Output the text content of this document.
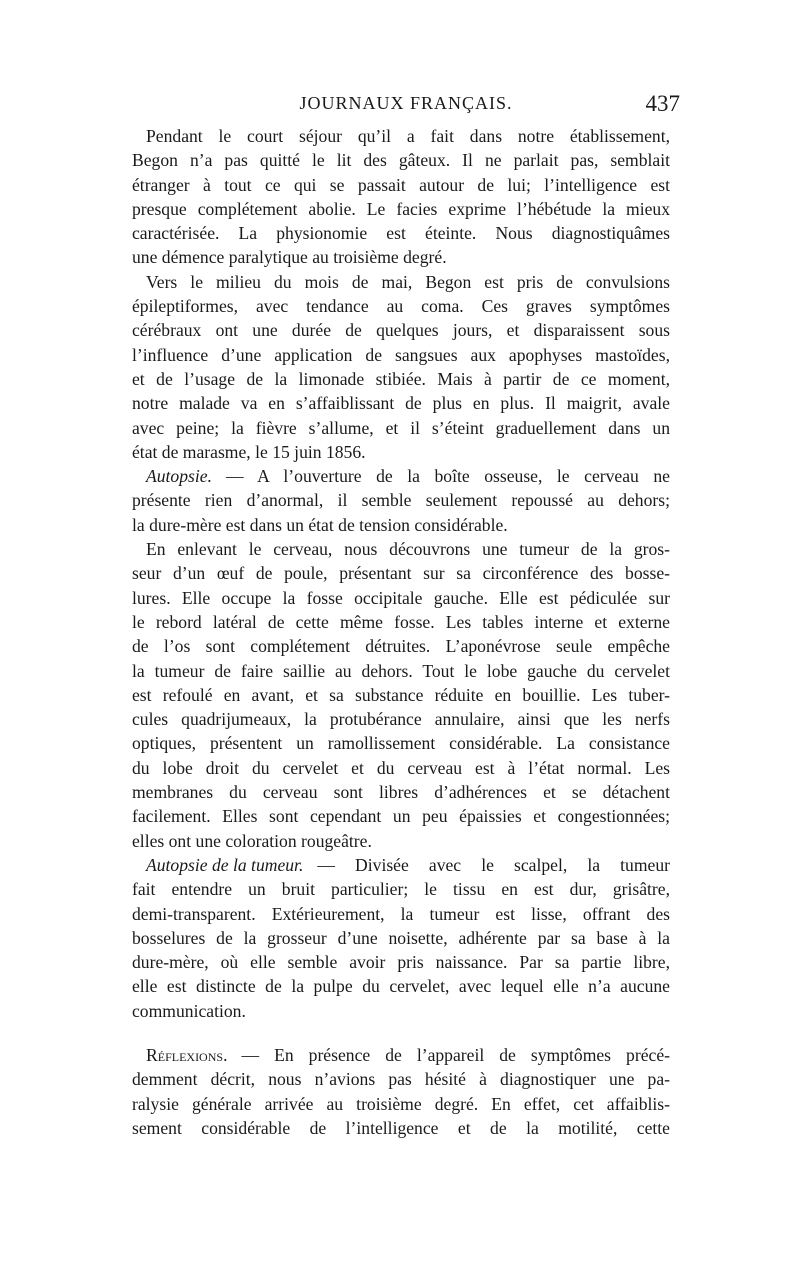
JOURNAUX FRANÇAIS.	437
Pendant le court séjour qu’il a fait dans notre établissement,
Begon n’a pas quitté le lit des gâteux. Il ne parlait pas, semblait
étranger à tout ce qui se passait autour de lui; l’intelligence est
presque complétement abolie. Le facies exprime l’hébétude la mieux
caractérisée. La physionomie est éteinte. Nous diagnostiquâmes
une démence paralytique au troisième degré.
Vers le milieu du mois de mai, Begon est pris de convulsions
épileptiformes, avec tendance au coma. Ces graves symptômes
cérébraux ont une durée de quelques jours, et disparaissent sous
l’influence d’une application de sangsues aux apophyses mastoïdes,
et de l’usage de la limonade stibiée. Mais à partir de ce moment,
notre malade va en s’affaiblissant de plus en plus. Il maigrit, avale
avec peine; la fièvre s’allume, et il s’éteint graduellement dans un
état de marasme, le 15 juin 1856.
Autopsie. — A l’ouverture de la boîte osseuse, le cerveau ne
présente rien d’anormal, il semble seulement repoussé au dehors;
la dure-mère est dans un état de tension considérable.
En enlevant le cerveau, nous découvrons une tumeur de la gros-
seur d’un œuf de poule, présentant sur sa circonférence des bosse-
lures. Elle occupe la fosse occipitale gauche. Elle est pédiculée sur
le rebord latéral de cette même fosse. Les tables interne et externe
de l’os sont complétement détruites. L’aponévrose seule empêche
la tumeur de faire saillie au dehors. Tout le lobe gauche du cervelet
est refoulé en avant, et sa substance réduite en bouillie. Les tuber-
cules quadrijumeaux, la protubérance annulaire, ainsi que les nerfs
optiques, présentent un ramollissement considérable. La consistance
du lobe droit du cervelet et du cerveau est à l’état normal. Les
membranes du cerveau sont libres d’adhérences et se détachent
facilement. Elles sont cependant un peu épaissies et congestionnées;
elles ont une coloration rougeâtre.
Autopsie de la tumeur. — Divisée avec le scalpel, la tumeur
fait entendre un bruit particulier; le tissu en est dur, grisâtre,
demi-transparent. Extérieurement, la tumeur est lisse, offrant des
bosselures de la grosseur d’une noisette, adhérente par sa base à la
dure-mère, où elle semble avoir pris naissance. Par sa partie libre,
elle est distincte de la pulpe du cervelet, avec lequel elle n’a aucune
communication.
Réflexions. — En présence de l’appareil de symptômes précé-
demment décrit, nous n’avions pas hésité à diagnostiquer une pa-
ralysie générale arrivée au troisième degré. En effet, cet affaiblis-
sement considérable de l’intelligence et de la motilité, cette
